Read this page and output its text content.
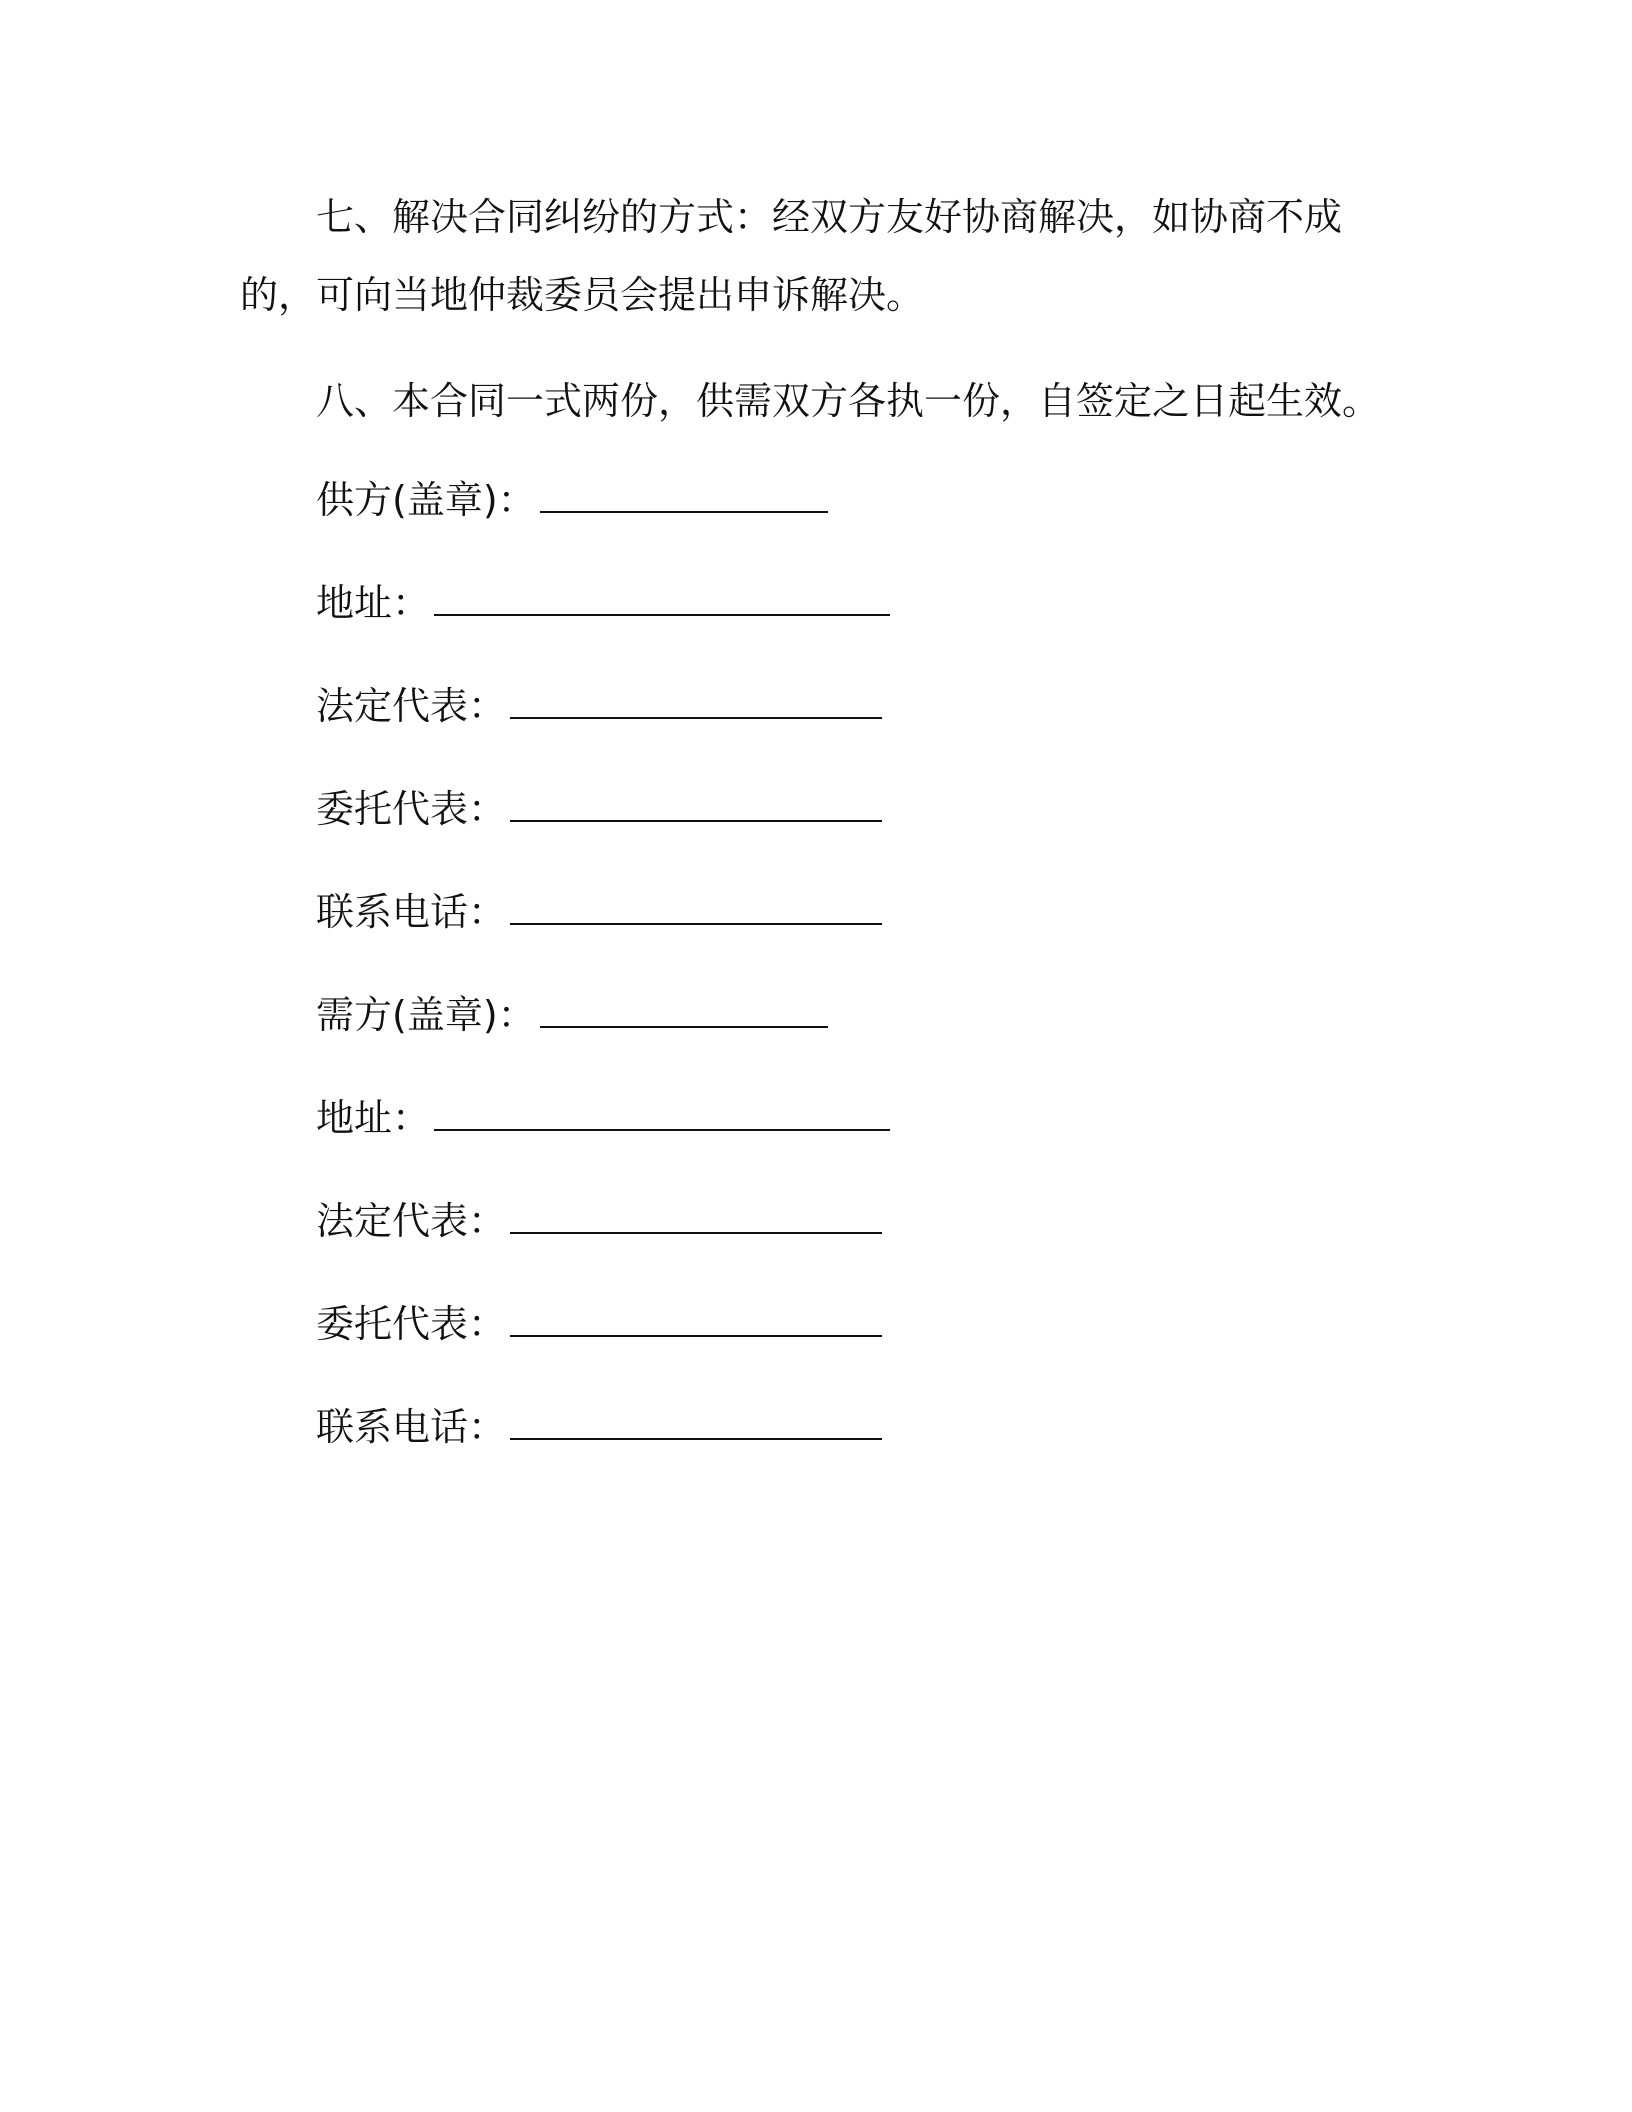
七、解决合同纠纷的方式：经双方友好协商解决，如协商不成的，可向当地仲裁委员会提出申诉解决。

八、本合同一式两份，供需双方各执一份，自签定之日起生效。

供方(盖章)：
地址：
法定代表：
委托代表：
联系电话：
需方(盖章)：
地址：
法定代表：
委托代表：
联系电话：
